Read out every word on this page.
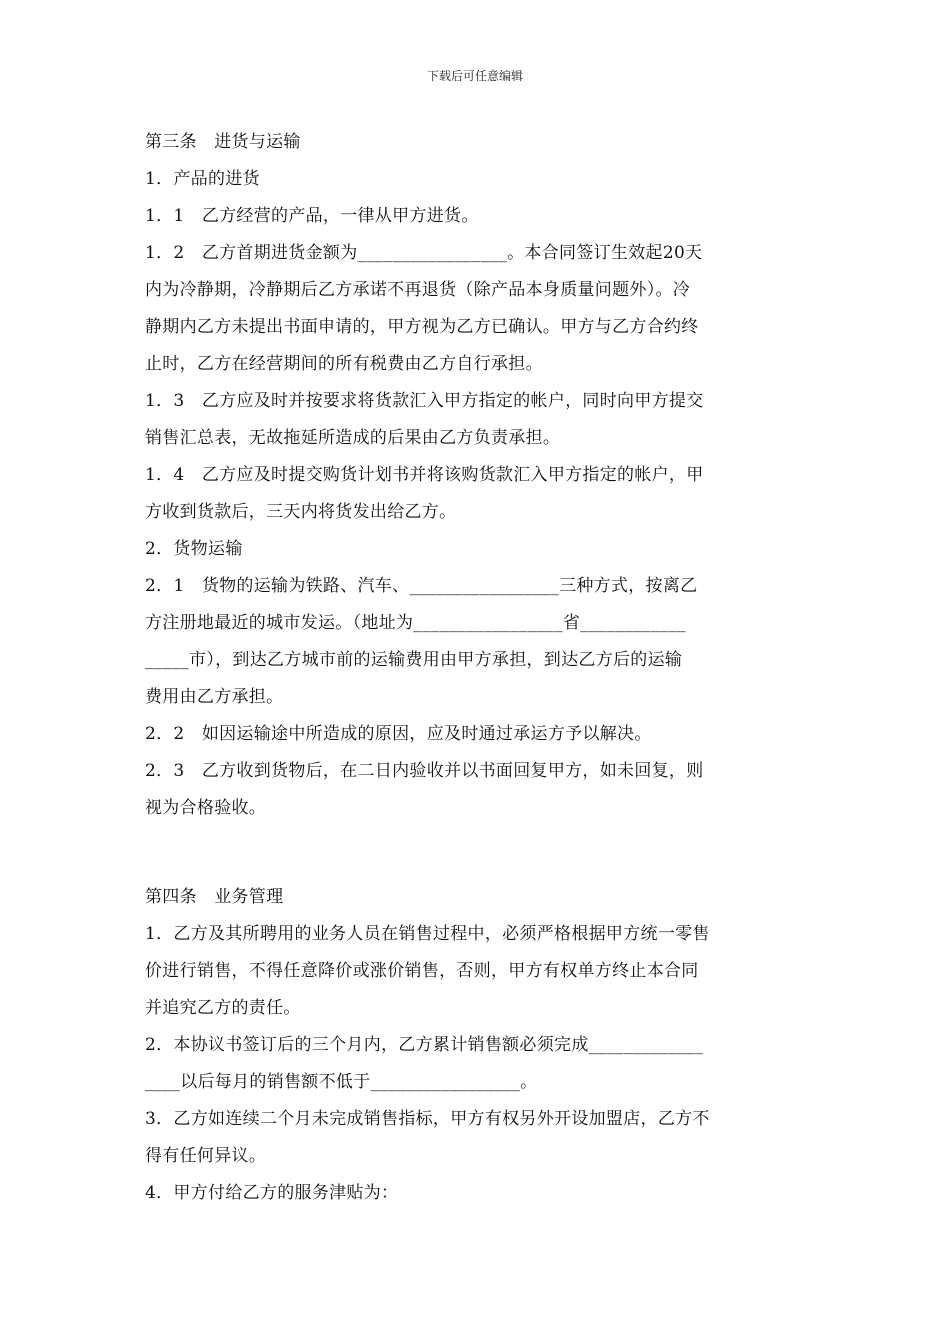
下载后可任意编辑
第三条　进货与运输
1．产品的进货
1．1　乙方经营的产品，一律从甲方进货。
1．2　乙方首期进货金额为_________________。本合同签订生效起20天
内为冷静期，冷静期后乙方承诺不再退货（除产品本身质量问题外）。冷
静期内乙方未提出书面申请的，甲方视为乙方已确认。甲方与乙方合约终
止时，乙方在经营期间的所有税费由乙方自行承担。
1．3　乙方应及时并按要求将货款汇入甲方指定的帐户，同时向甲方提交
销售汇总表，无故拖延所造成的后果由乙方负责承担。
1．4　乙方应及时提交购货计划书并将该购货款汇入甲方指定的帐户，甲
方收到货款后，三天内将货发出给乙方。
2．货物运输
2．1　货物的运输为铁路、汽车、_________________三种方式，按离乙
方注册地最近的城市发运。（地址为_________________省____________
_____市），到达乙方城市前的运输费用由甲方承担，到达乙方后的运输
费用由乙方承担。
2．2　如因运输途中所造成的原因，应及时通过承运方予以解决。
2．3　乙方收到货物后，在二日内验收并以书面回复甲方，如未回复，则
视为合格验收。
第四条　业务管理
1．乙方及其所聘用的业务人员在销售过程中，必须严格根据甲方统一零售
价进行销售，不得任意降价或涨价销售，否则，甲方有权单方终止本合同
并追究乙方的责任。
2．本协议书签订后的三个月内，乙方累计销售额必须完成_____________
____以后每月的销售额不低于_________________。
3．乙方如连续二个月未完成销售指标，甲方有权另外开设加盟店，乙方不
得有任何异议。
4．甲方付给乙方的服务津贴为：
